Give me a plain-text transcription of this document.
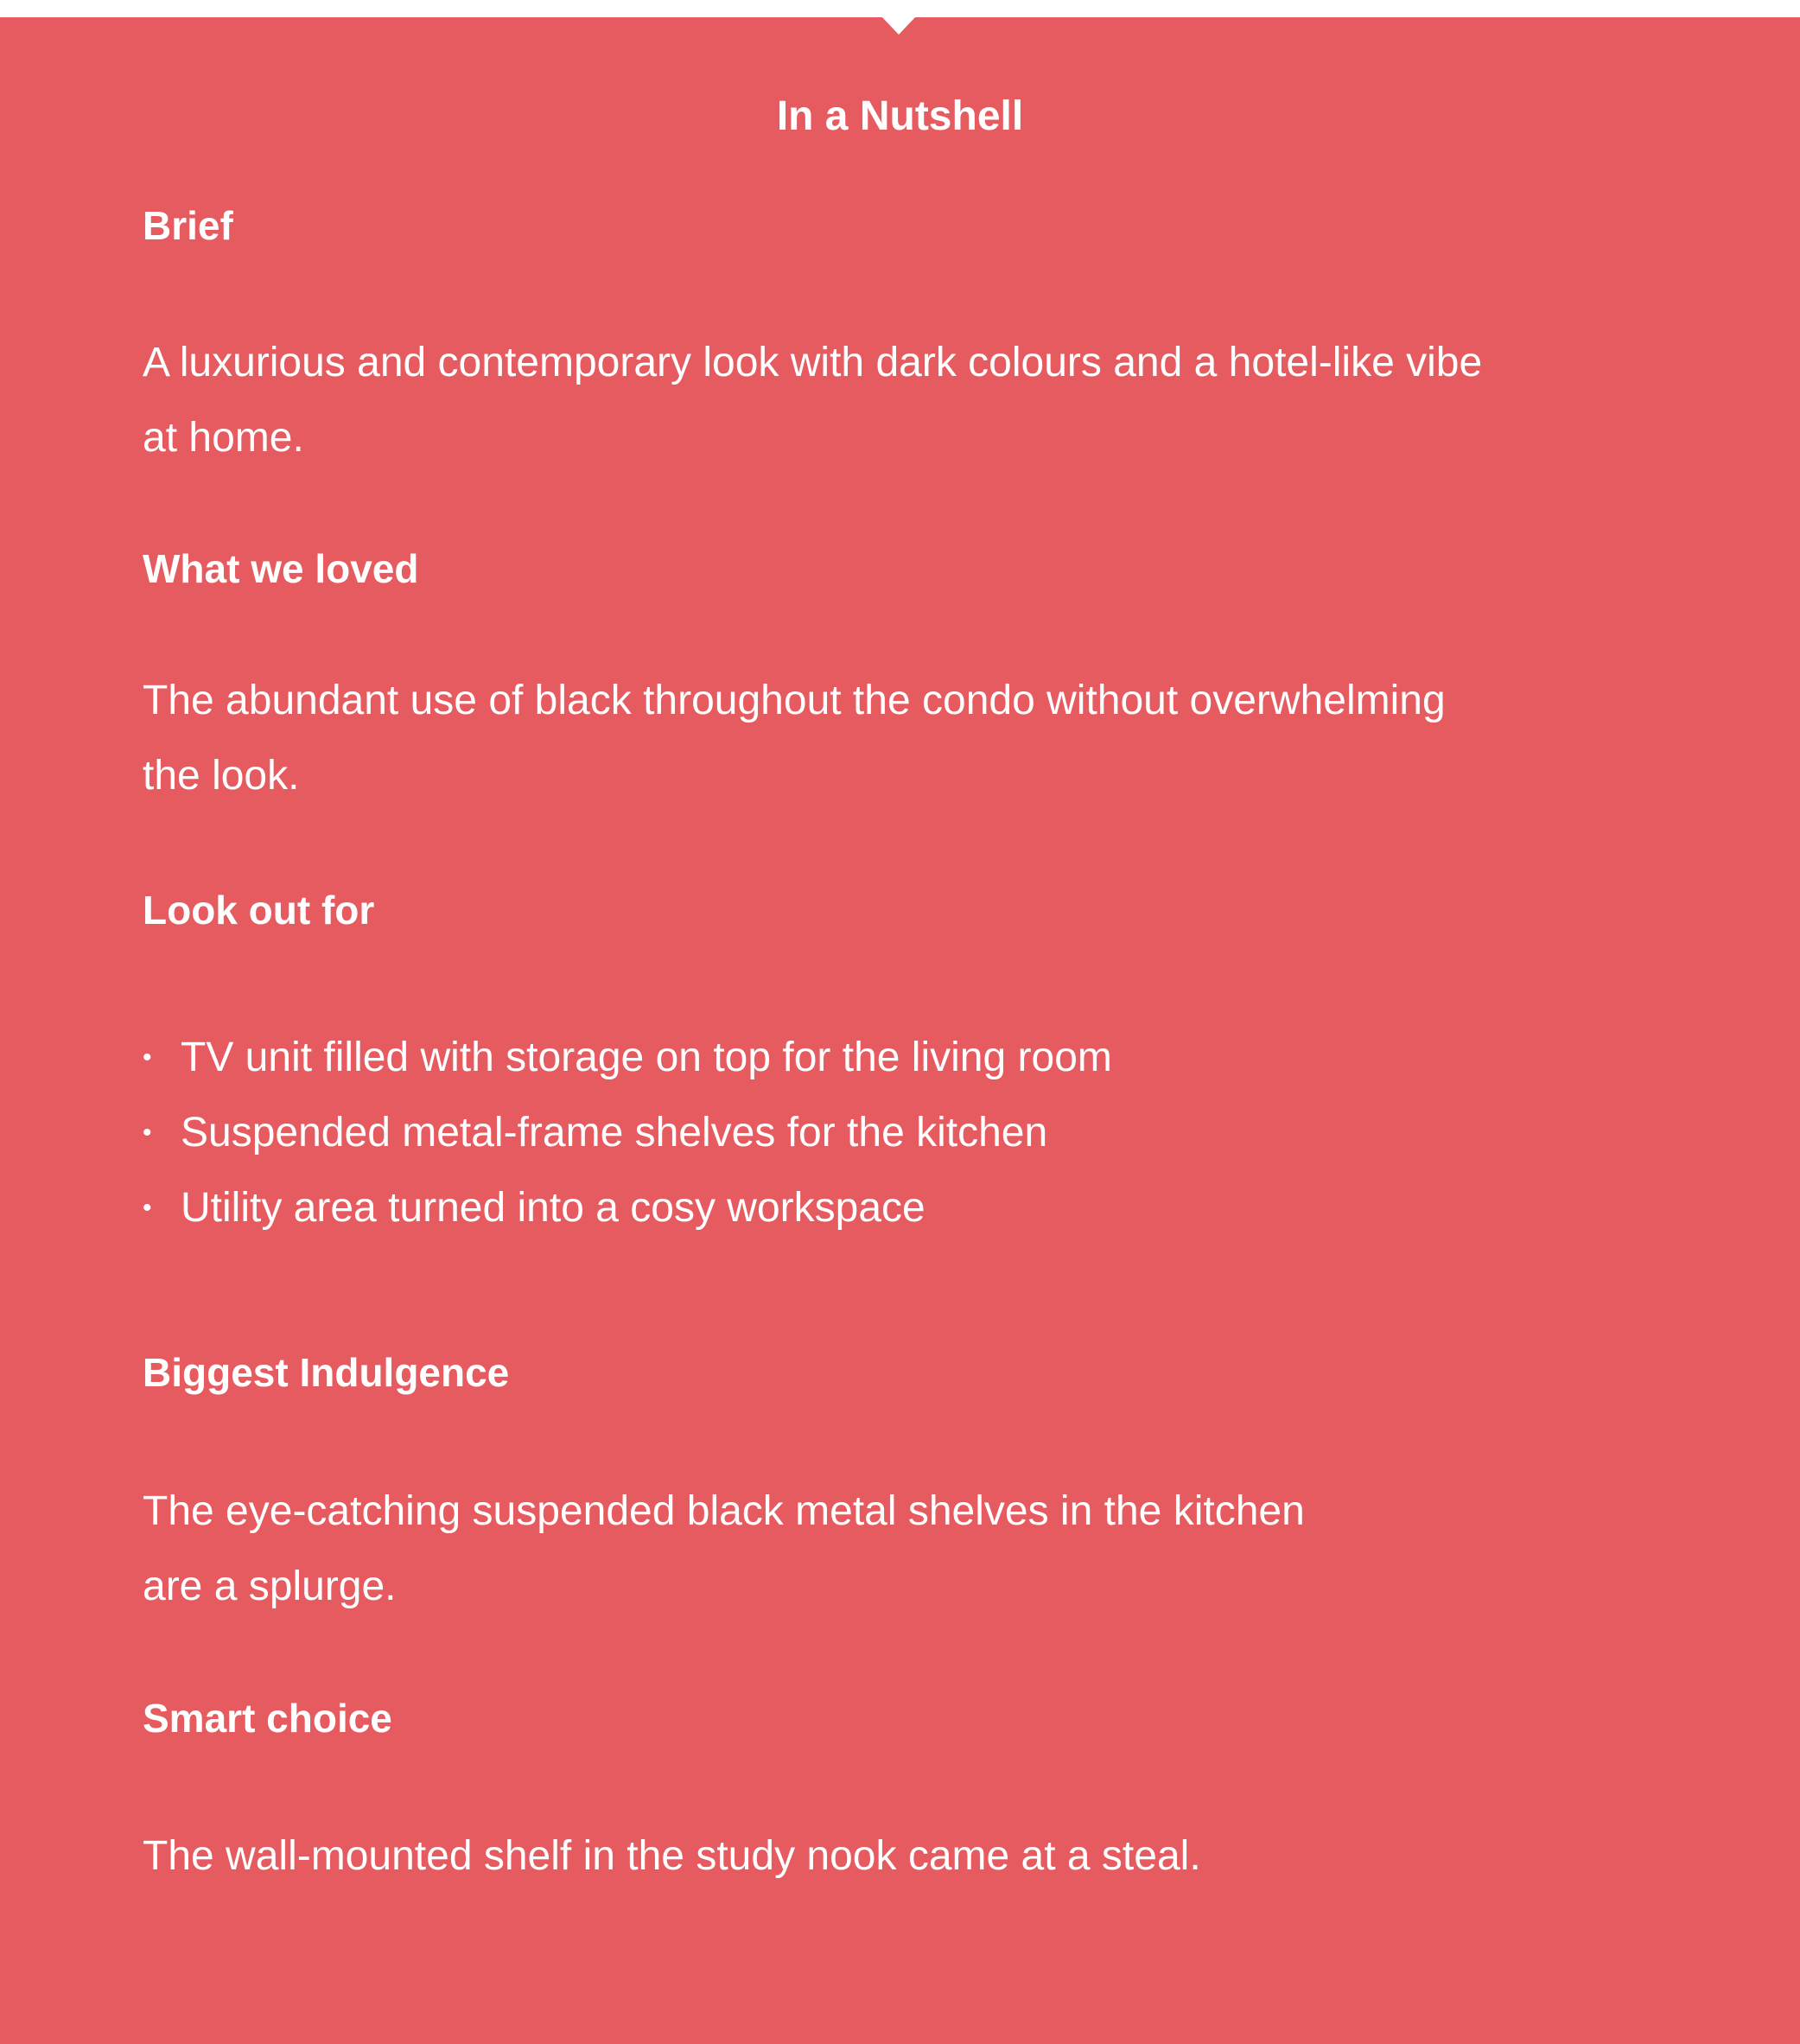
In a Nutshell
Brief
A luxurious and contemporary look with dark colours and a hotel-like vibe
at home.
What we loved
The abundant use of black throughout the condo without overwhelming
the look.
Look out for
• TV unit filled with storage on top for the living room
• Suspended metal-frame shelves for the kitchen
• Utility area turned into a cosy workspace
Biggest Indulgence
The eye-catching suspended black metal shelves in the kitchen
are a splurge.
Smart choice
The wall-mounted shelf in the study nook came at a steal.
